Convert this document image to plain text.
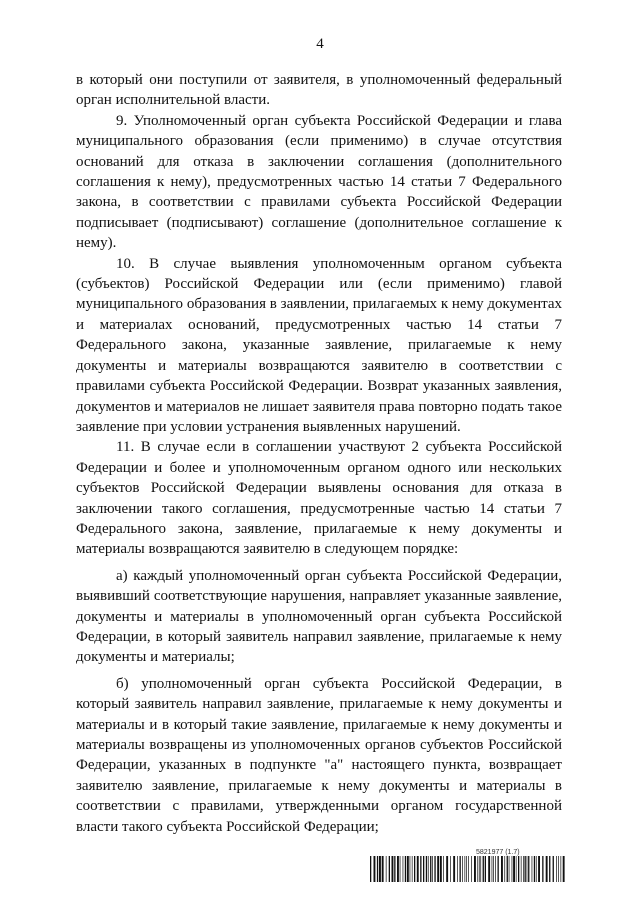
4

в который они поступили от заявителя, в уполномоченный федеральный орган исполнительной власти.

9. Уполномоченный орган субъекта Российской Федерации и глава муниципального образования (если применимо) в случае отсутствия оснований для отказа в заключении соглашения (дополнительного соглашения к нему), предусмотренных частью 14 статьи 7 Федерального закона, в соответствии с правилами субъекта Российской Федерации подписывает (подписывают) соглашение (дополнительное соглашение к нему).

10. В случае выявления уполномоченным органом субъекта (субъектов) Российской Федерации или (если применимо) главой муниципального образования в заявлении, прилагаемых к нему документах и материалах оснований, предусмотренных частью 14 статьи 7 Федерального закона, указанные заявление, прилагаемые к нему документы и материалы возвращаются заявителю в соответствии с правилами субъекта Российской Федерации. Возврат указанных заявления, документов и материалов не лишает заявителя права повторно подать такое заявление при условии устранения выявленных нарушений.

11. В случае если в соглашении участвуют 2 субъекта Российской Федерации и более и уполномоченным органом одного или нескольких субъектов Российской Федерации выявлены основания для отказа в заключении такого соглашения, предусмотренные частью 14 статьи 7 Федерального закона, заявление, прилагаемые к нему документы и материалы возвращаются заявителю в следующем порядке:

а) каждый уполномоченный орган субъекта Российской Федерации, выявивший соответствующие нарушения, направляет указанные заявление, документы и материалы в уполномоченный орган субъекта Российской Федерации, в который заявитель направил заявление, прилагаемые к нему документы и материалы;

б) уполномоченный орган субъекта Российской Федерации, в который заявитель направил заявление, прилагаемые к нему документы и материалы и в который такие заявление, прилагаемые к нему документы и материалы возвращены из уполномоченных органов субъектов Российской Федерации, указанных в подпункте "а" настоящего пункта, возвращает заявителю заявление, прилагаемые к нему документы и материалы в соответствии с правилами, утвержденными органом государственной власти такого субъекта Российской Федерации;

5821977 (1.7)
